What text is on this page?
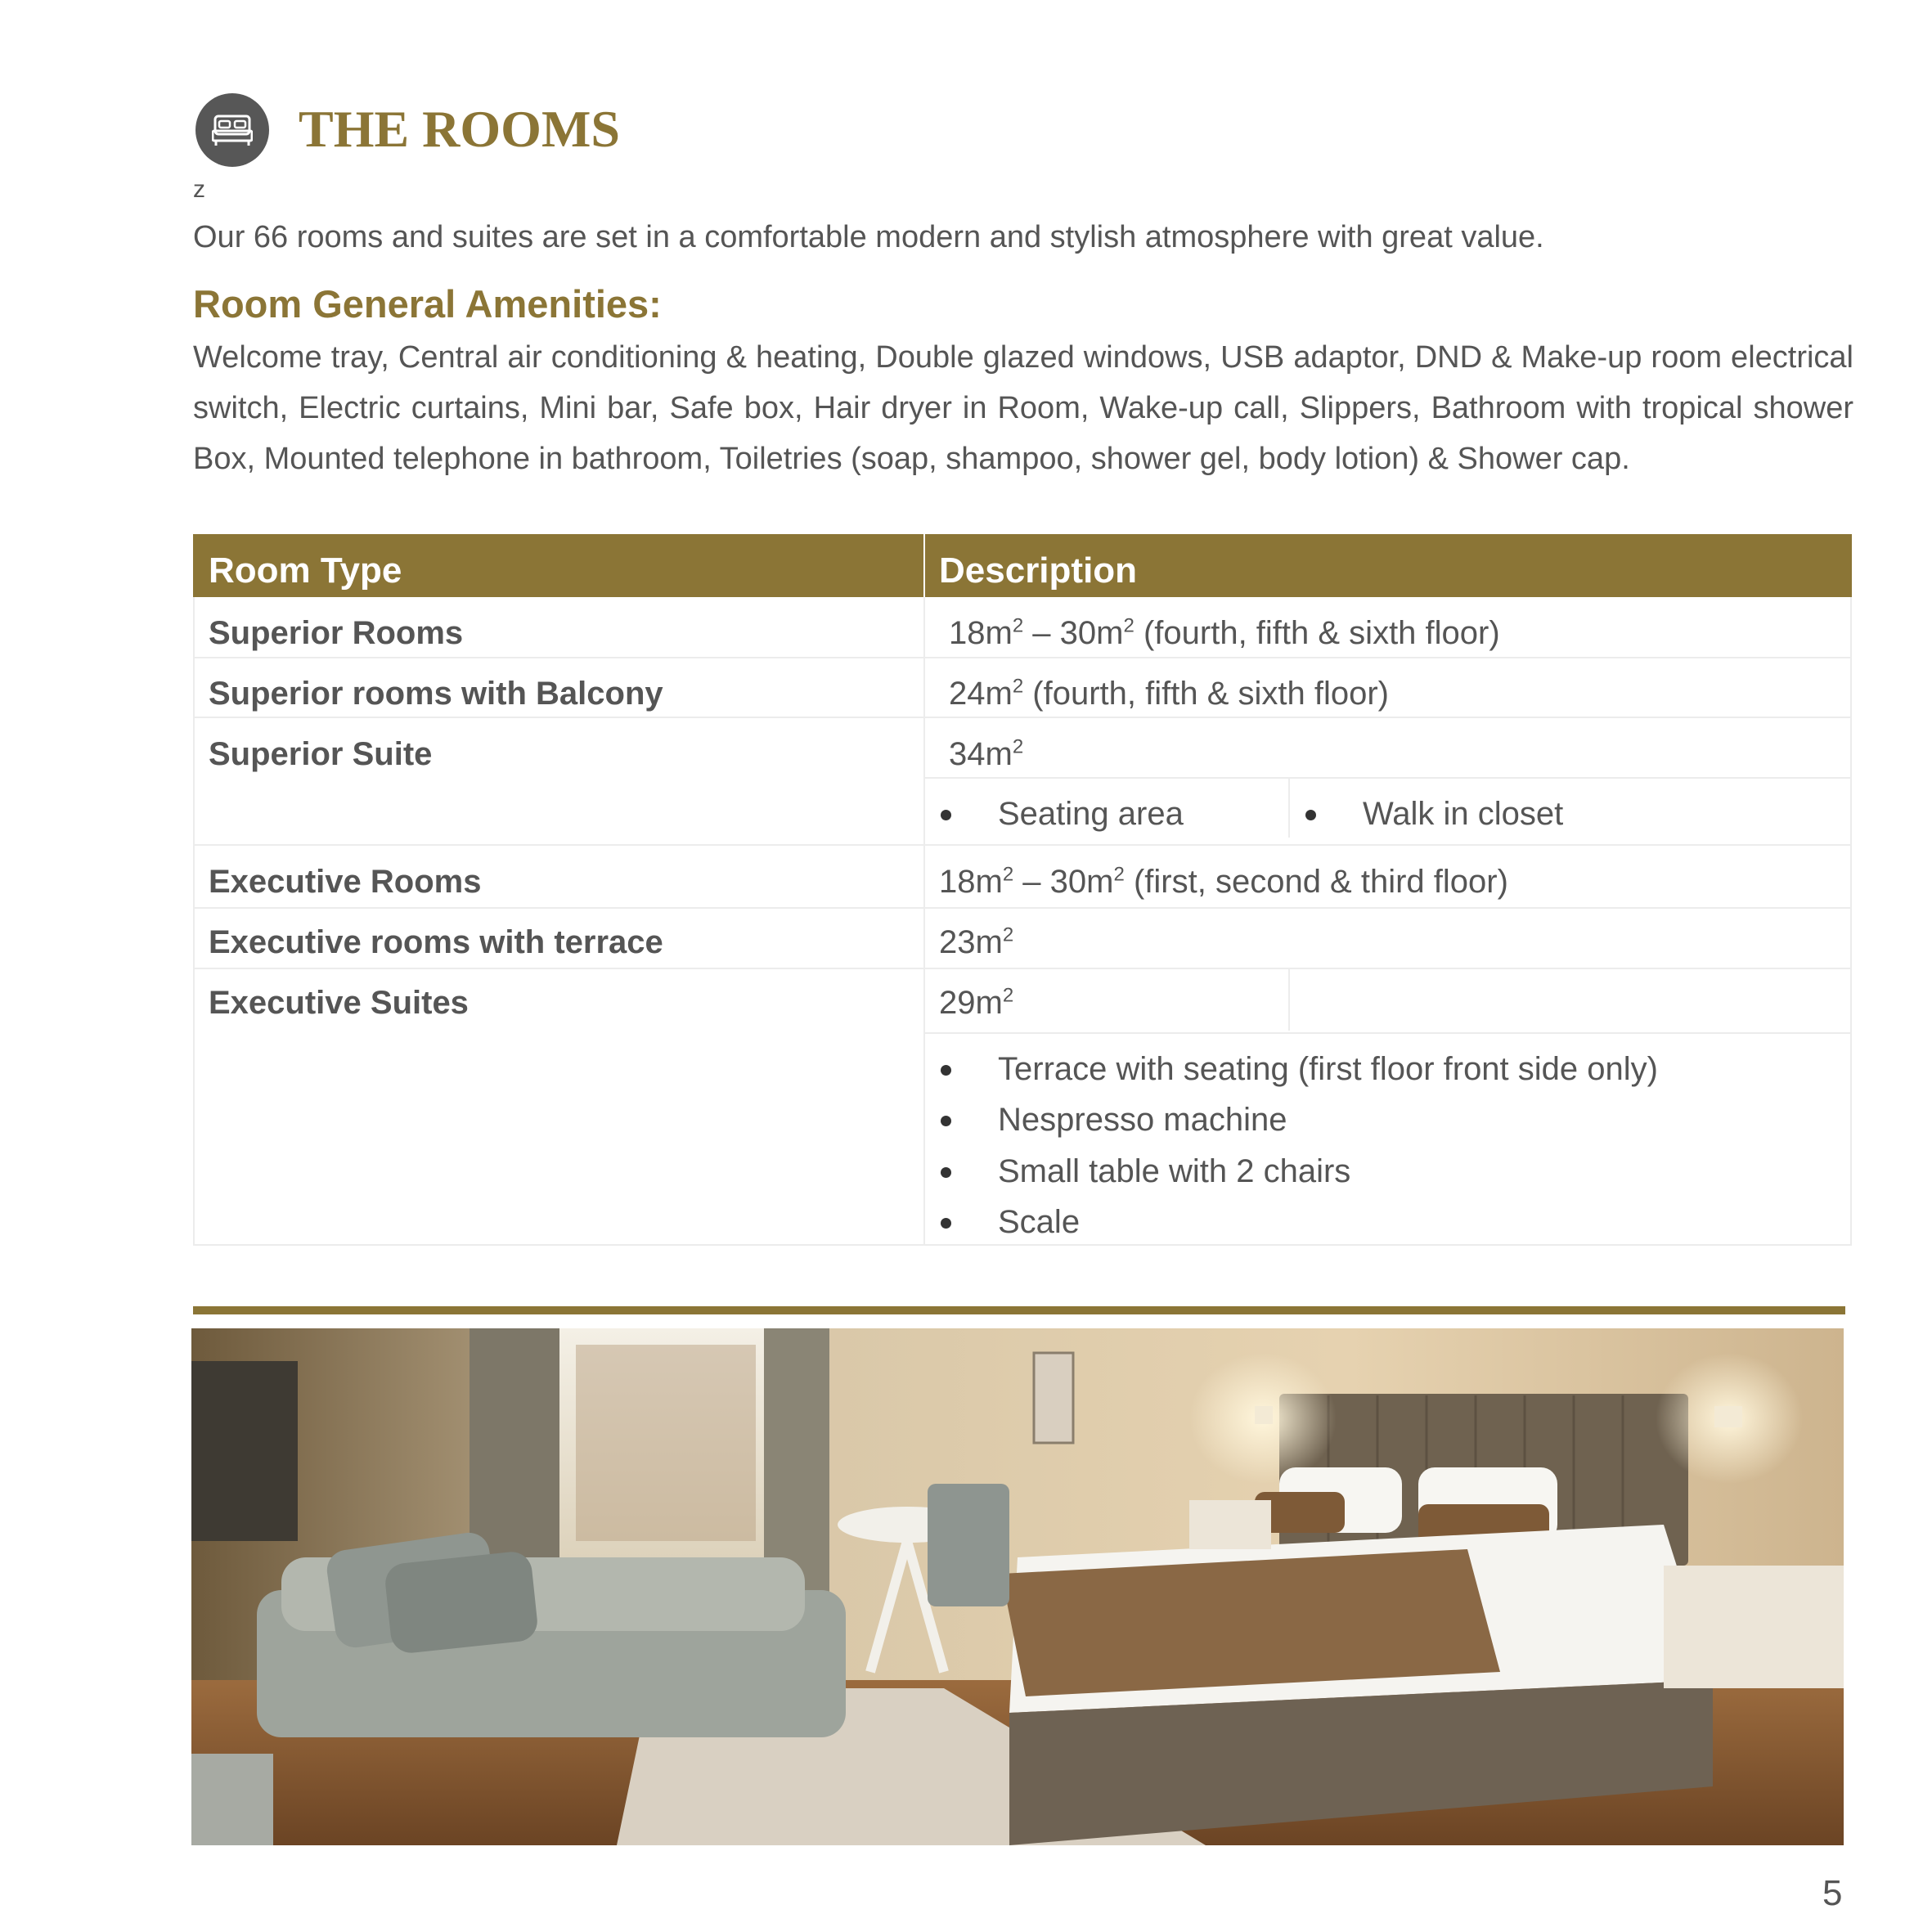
THE ROOMS
z
Our 66 rooms and suites are set in a comfortable modern and stylish atmosphere with great value.
Room General Amenities:
Welcome tray, Central air conditioning & heating, Double glazed windows, USB adaptor, DND & Make-up room electrical switch, Electric curtains, Mini bar, Safe box, Hair dryer in Room, Wake-up call, Slippers, Bathroom with tropical shower Box, Mounted telephone in bathroom, Toiletries (soap, shampoo, shower gel, body lotion) & Shower cap.
Room Type	Description
Superior Rooms	$18m^2 - 30m^2$ (fourth, fifth & sixth floor)
Superior rooms with Balcony	$24m^2$ (fourth, fifth & sixth floor)
Superior Suite	$34m^2$
Seating area	Walk in closet
Executive Rooms	$18m^2 - 30m^2$ (first, second & third floor)
Executive rooms with terrace	$23m^2$
Executive Suites	$29m^2$
Terrace with seating (first floor front side only)
Nespresso machine
Small table with 2 chairs
Scale
5
